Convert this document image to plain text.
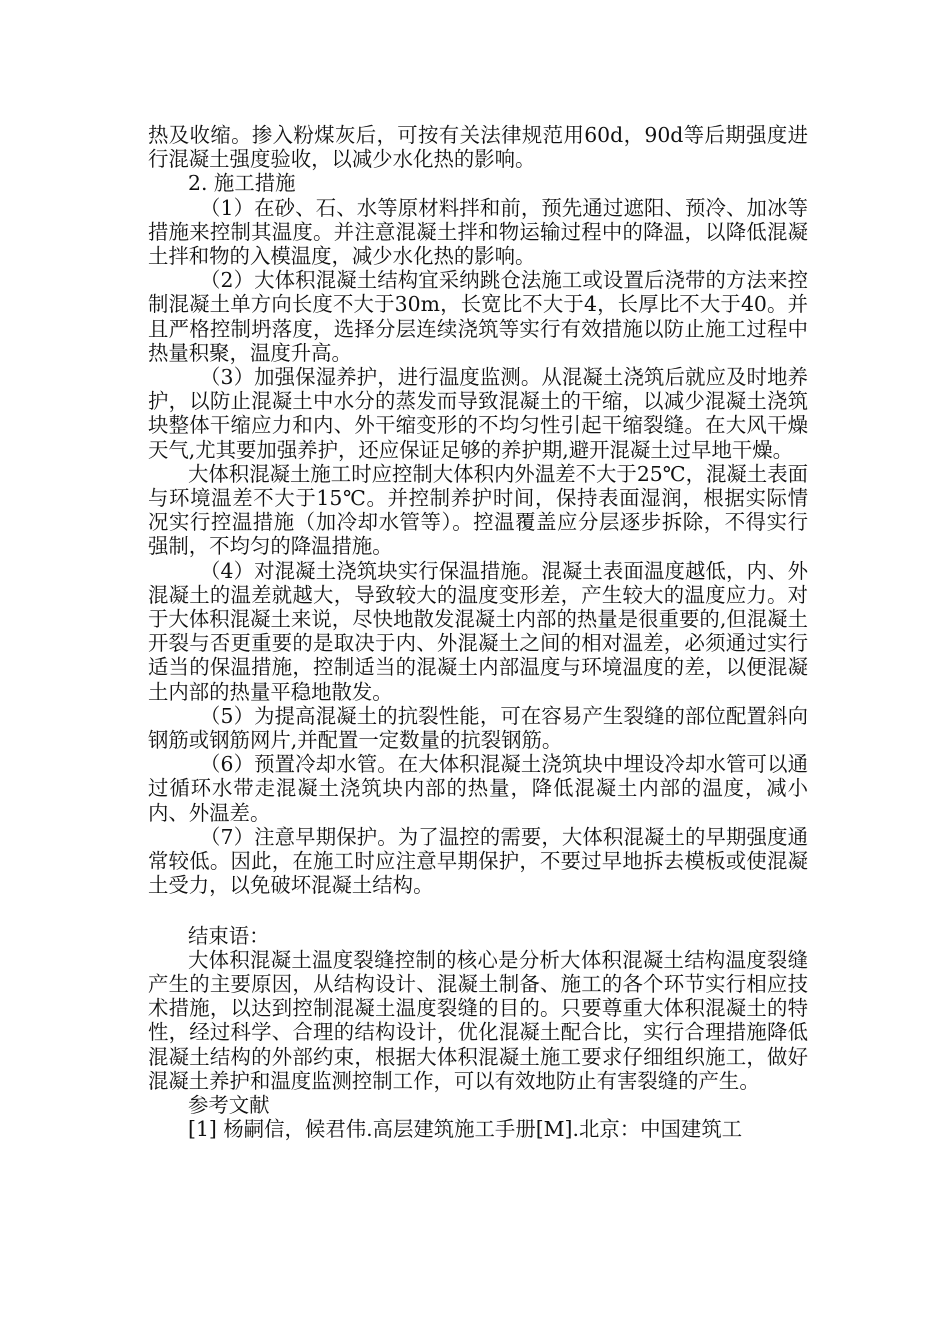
热及收缩。掺入粉煤灰后，可按有关法律规范用60d，90d等后期强度进行混凝土强度验收，以减少水化热的影响。

2. 施工措施

（1）在砂、石、水等原材料拌和前，预先通过遮阳、预冷、加冰等措施来控制其温度。并注意混凝土拌和物运输过程中的降温，以降低混凝土拌和物的入模温度，减少水化热的影响。

（2）大体积混凝土结构宜采纳跳仓法施工或设置后浇带的方法来控制混凝土单方向长度不大于30m，长宽比不大于4，长厚比不大于40。并且严格控制坍落度，选择分层连续浇筑等实行有效措施以防止施工过程中热量积聚，温度升高。

（3）加强保湿养护，进行温度监测。从混凝土浇筑后就应及时地养护，以防止混凝土中水分的蒸发而导致混凝土的干缩，以减少混凝土浇筑块整体干缩应力和内、外干缩变形的不均匀性引起干缩裂缝。在大风干燥天气,尤其要加强养护，还应保证足够的养护期,避开混凝土过早地干燥。

大体积混凝土施工时应控制大体积内外温差不大于25℃，混凝土表面与环境温差不大于15℃。并控制养护时间，保持表面湿润，根据实际情况实行控温措施（加冷却水管等）。控温覆盖应分层逐步拆除，不得实行强制，不均匀的降温措施。

（4）对混凝土浇筑块实行保温措施。混凝土表面温度越低，内、外混凝土的温差就越大，导致较大的温度变形差，产生较大的温度应力。对于大体积混凝土来说，尽快地散发混凝土内部的热量是很重要的,但混凝土开裂与否更重要的是取决于内、外混凝土之间的相对温差，必须通过实行适当的保温措施，控制适当的混凝土内部温度与环境温度的差，以便混凝土内部的热量平稳地散发。

（5）为提高混凝土的抗裂性能，可在容易产生裂缝的部位配置斜向钢筋或钢筋网片,并配置一定数量的抗裂钢筋。

（6）预置冷却水管。在大体积混凝土浇筑块中埋设冷却水管可以通过循环水带走混凝土浇筑块内部的热量，降低混凝土内部的温度，减小内、外温差。

（7）注意早期保护。为了温控的需要，大体积混凝土的早期强度通常较低。因此，在施工时应注意早期保护，不要过早地拆去模板或使混凝土受力，以免破坏混凝土结构。

结束语：

大体积混凝土温度裂缝控制的核心是分析大体积混凝土结构温度裂缝产生的主要原因，从结构设计、混凝土制备、施工的各个环节实行相应技术措施，以达到控制混凝土温度裂缝的目的。只要尊重大体积混凝土的特性，经过科学、合理的结构设计，优化混凝土配合比，实行合理措施降低混凝土结构的外部约束，根据大体积混凝土施工要求仔细组织施工，做好混凝土养护和温度监测控制工作，可以有效地防止有害裂缝的产生。

参考文献

[1] 杨嗣信，候君伟.高层建筑施工手册[M].北京：中国建筑工
